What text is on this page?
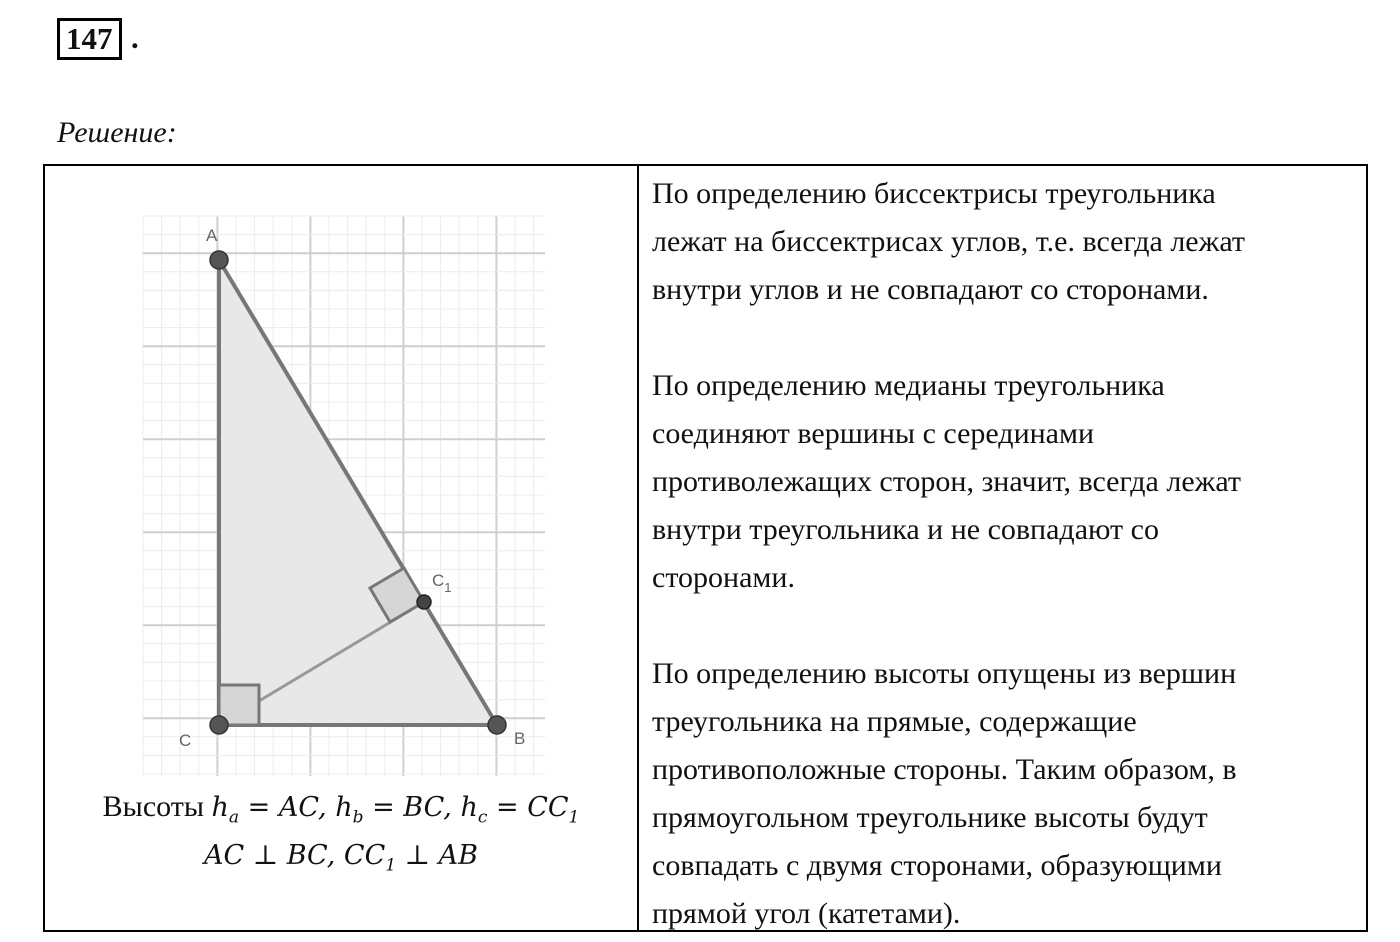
147 .
Решение:
A
B
C
$C_1$
Высоты $h_a$ = AC, $h_b$ = BC, $h_c = CC_1$
AC ⊥ BC, $CC_1$ ⊥ AB

По определению биссектрисы треугольника
лежат на биссектрисах углов, т.е. всегда лежат
внутри углов и не совпадают со сторонами.

По определению медианы треугольника
соединяют вершины с серединами
противолежащих сторон, значит, всегда лежат
внутри треугольника и не совпадают со
сторонами.

По определению высоты опущены из вершин
треугольника на прямые, содержащие
противоположные стороны. Таким образом, в
прямоугольном треугольнике высоты будут
совпадать с двумя сторонами, образующими
прямой угол (катетами).
